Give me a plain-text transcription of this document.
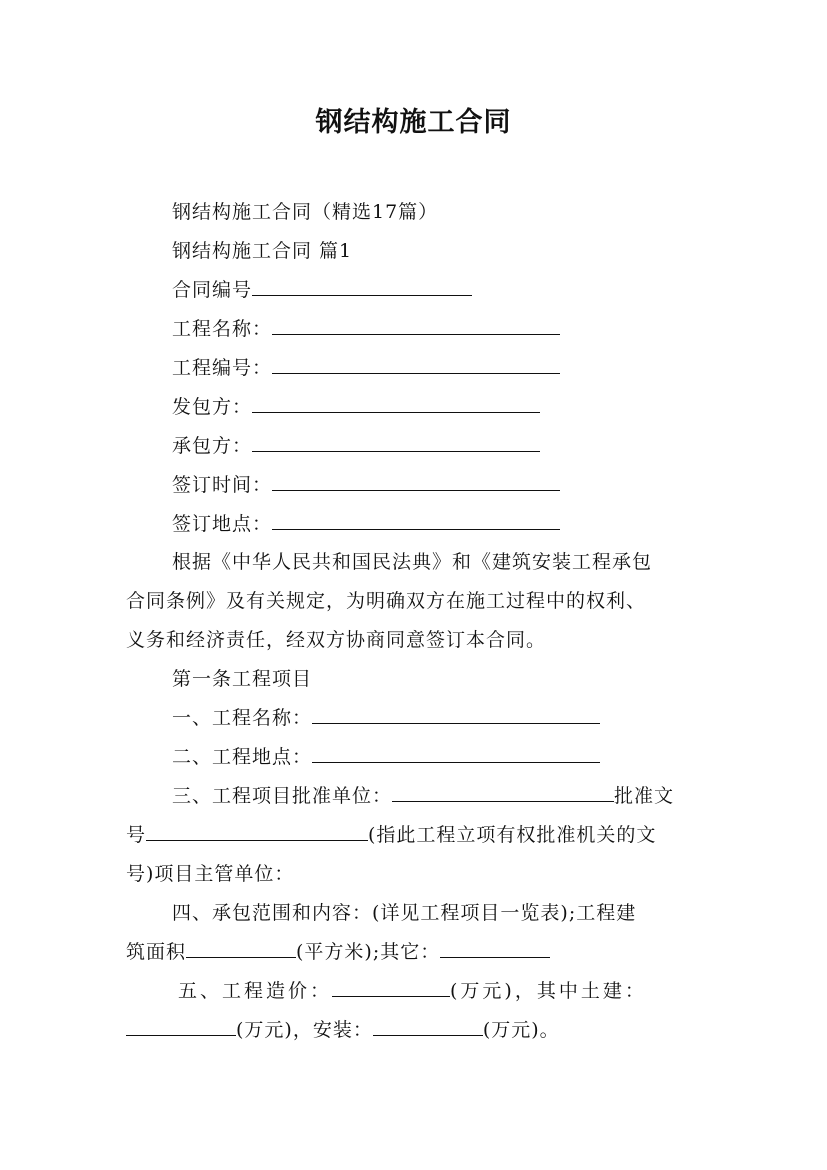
钢结构施工合同
钢结构施工合同（精选17篇）
钢结构施工合同 篇1
合同编号
工程名称：
工程编号：
发包方：
承包方：
签订时间：
签订地点：
根据《中华人民共和国民法典》和《建筑安装工程承包
合同条例》及有关规定，为明确双方在施工过程中的权利、
义务和经济责任，经双方协商同意签订本合同。
第一条工程项目
一、工程名称：
二、工程地点：
三、工程项目批准单位：	批准文
号	(指此工程立项有权批准机关的文
号)项目主管单位：
四、承包范围和内容：(详见工程项目一览表);工程建
筑面积	(平方米);其它：
五、工程造价：	(万元)，其中土建：
(万元)，安装：	(万元)。
